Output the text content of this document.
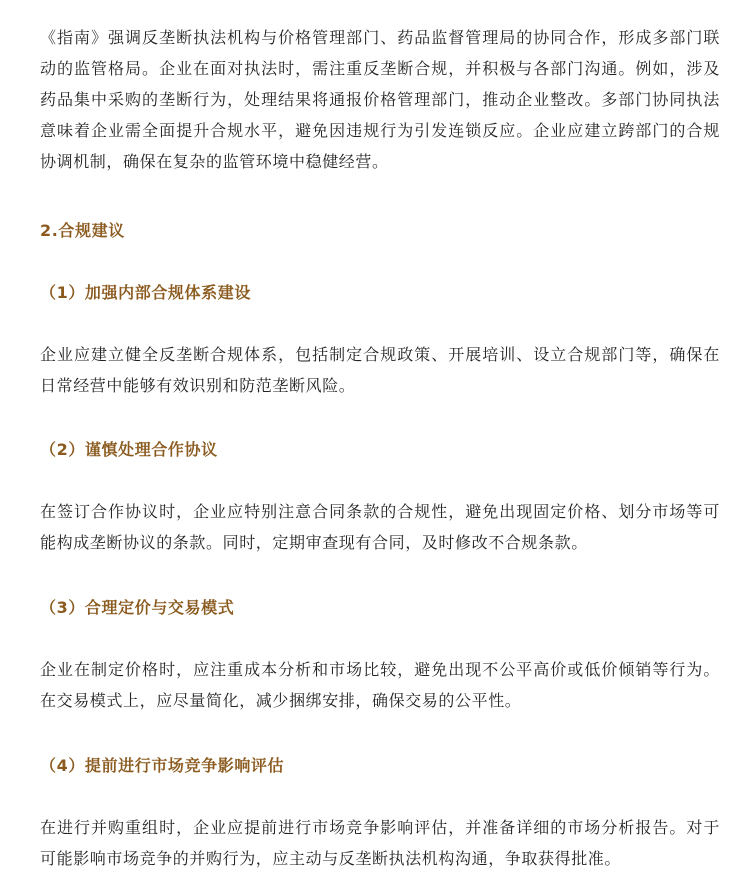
《指南》强调反垄断执法机构与价格管理部门、药品监督管理局的协同合作，形成多部门联动的监管格局。企业在面对执法时，需注重反垄断合规，并积极与各部门沟通。例如，涉及药品集中采购的垄断行为，处理结果将通报价格管理部门，推动企业整改。多部门协同执法意味着企业需全面提升合规水平，避免因违规行为引发连锁反应。企业应建立跨部门的合规协调机制，确保在复杂的监管环境中稳健经营。

2.合规建议
（1）加强内部合规体系建设

企业应建立健全反垄断合规体系，包括制定合规政策、开展培训、设立合规部门等，确保在日常经营中能够有效识别和防范垄断风险。

（2）谨慎处理合作协议

在签订合作协议时，企业应特别注意合同条款的合规性，避免出现固定价格、划分市场等可能构成垄断协议的条款。同时，定期审查现有合同，及时修改不合规条款。

（3）合理定价与交易模式

企业在制定价格时，应注重成本分析和市场比较，避免出现不公平高价或低价倾销等行为。在交易模式上，应尽量简化，减少捆绑安排，确保交易的公平性。

（4）提前进行市场竞争影响评估

在进行并购重组时，企业应提前进行市场竞争影响评估，并准备详细的市场分析报告。对于可能影响市场竞争的并购行为，应主动与反垄断执法机构沟通，争取获得批准。
